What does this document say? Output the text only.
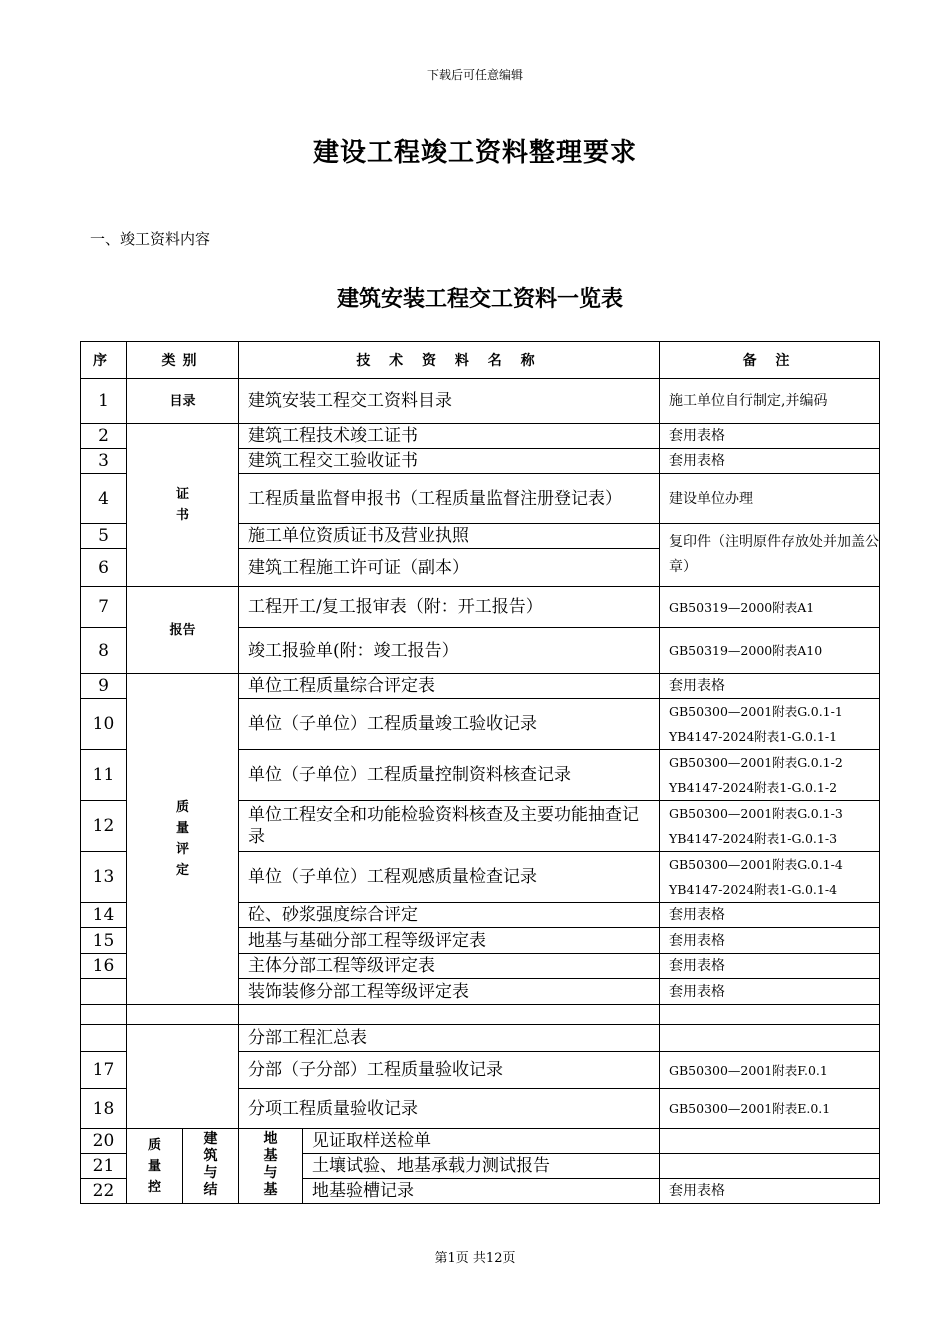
下载后可任意编辑
建设工程竣工资料整理要求
一、竣工资料内容
建筑安装工程交工资料一览表
序	类别		技 术 资 料 名 称		备 注
1	目录		建筑安装工程交工资料目录		施工单位自行制定,并编码

2	证书		建筑工程技术竣工证书		套用表格

3			建筑工程交工验收证书		套用表格

4			工程质量监督申报书（工程质量监督注册登记表）		建设单位办理

5			施工单位资质证书及营业执照		复印件（注明原件存放处并加盖公章）
6			建筑工程施工许可证（副本）		
7	报告		工程开工/复工报审表（附：开工报告）		GB50319—2000附表A1

8			竣工报验单(附：竣工报告）		GB50319—2000附表A10

9	质量评定		单位工程质量综合评定表		套用表格

10			单位（子单位）工程质量竣工验收记录		GB50300—2001附表G.0.1-1
YB4147-2024附表1-G.0.1-1

11			单位（子单位）工程质量控制资料核查记录		GB50300—2001附表G.0.1-2
YB4147-2024附表1-G.0.1-2

12			单位工程安全和功能检验资料核查及主要功能抽查记录		GB50300—2001附表G.0.1-3
YB4147-2024附表1-G.0.1-3

13			单位（子单位）工程观感质量检查记录		GB50300—2001附表G.0.1-4
YB4147-2024附表1-G.0.1-4

14			砼、砂浆强度综合评定		套用表格

15			地基与基础分部工程等级评定表		套用表格

16			主体分部工程等级评定表		套用表格

			装饰装修分部工程等级评定表		套用表格

			分部工程汇总表		
17			分部（子分部）工程质量验收记录		GB50300—2001附表F.0.1

18			分项工程质量验收记录		GB50300—2001附表E.0.1

20	质量控	建筑与结	地基与基	见证取样送检单	
21				土壤试验、地基承载力测试报告	
22				地基验槽记录	套用表格
第1页 共12页
